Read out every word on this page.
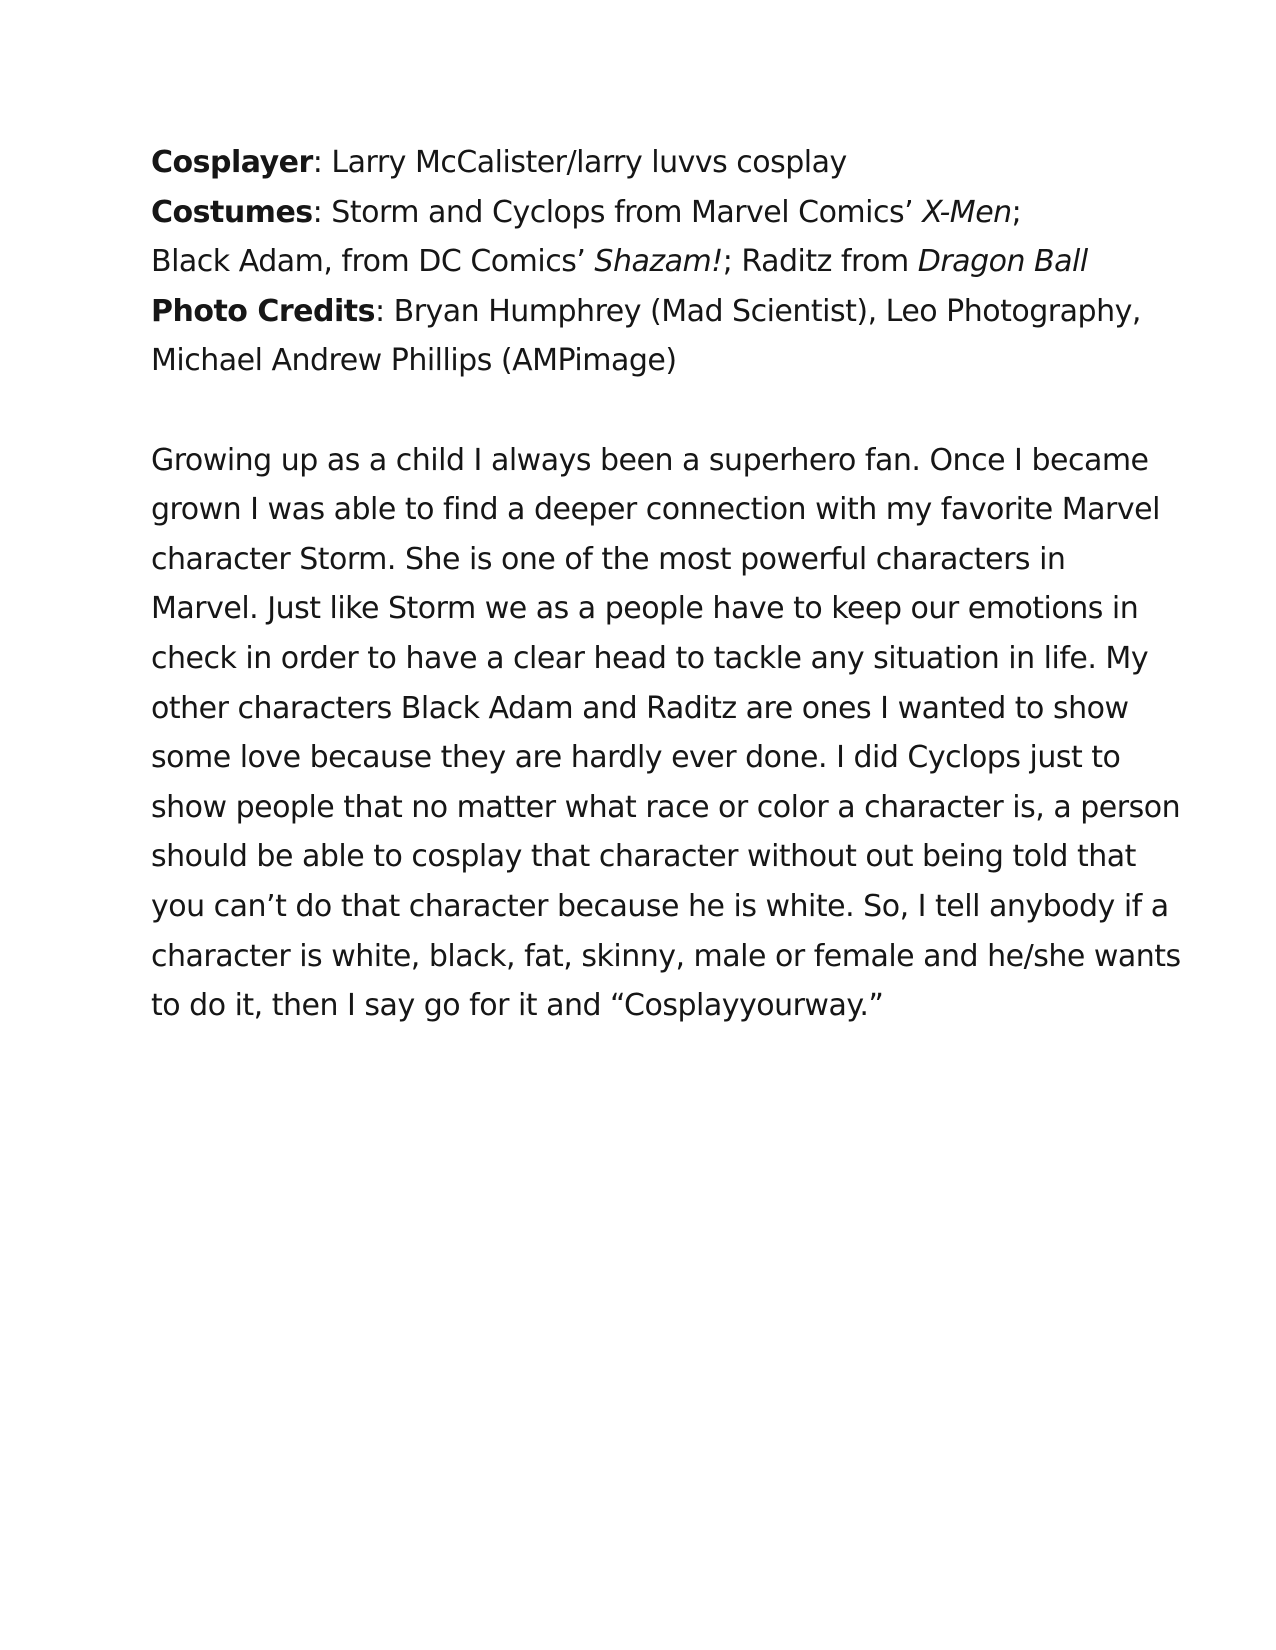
Cosplayer: Larry McCalister/larry luvvs cosplay
Costumes: Storm and Cyclops from Marvel Comics’ X-Men;
Black Adam, from DC Comics’ Shazam!; Raditz from Dragon Ball
Photo Credits: Bryan Humphrey (Mad Scientist), Leo Photography,
Michael Andrew Phillips (AMPimage)

Growing up as a child I always been a superhero fan. Once I became
grown I was able to find a deeper connection with my favorite Marvel
character Storm. She is one of the most powerful characters in
Marvel. Just like Storm we as a people have to keep our emotions in
check in order to have a clear head to tackle any situation in life. My
other characters Black Adam and Raditz are ones I wanted to show
some love because they are hardly ever done. I did Cyclops just to
show people that no matter what race or color a character is, a person
should be able to cosplay that character without out being told that
you can’t do that character because he is white. So, I tell anybody if a
character is white, black, fat, skinny, male or female and he/she wants
to do it, then I say go for it and “Cosplayyourway.”
